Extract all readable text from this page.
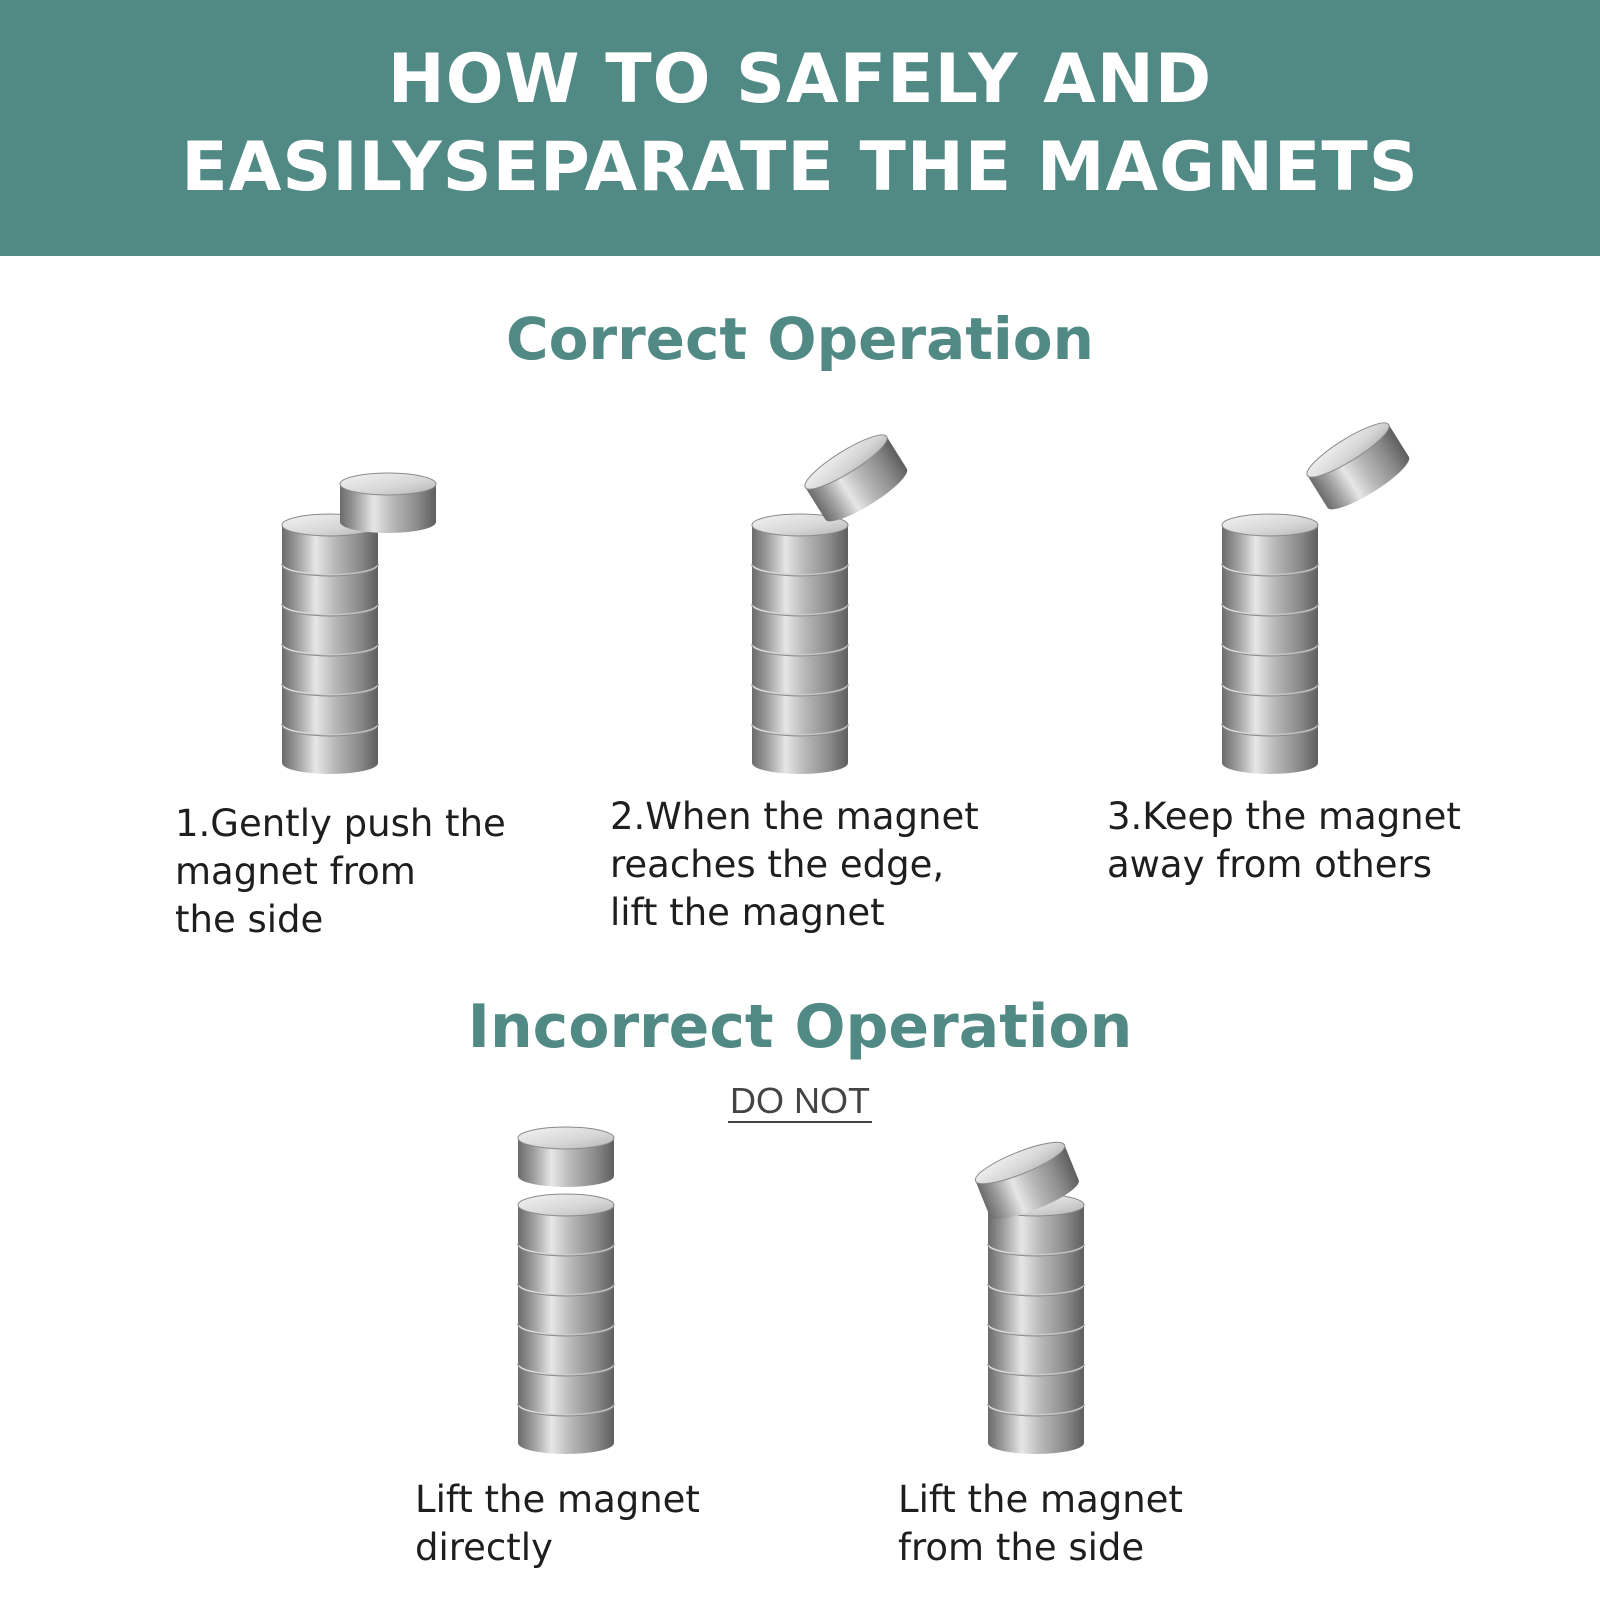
HOW TO SAFELY AND
EASILYSEPARATE THE MAGNETS
Correct Operation
1.Gently push the
magnet from
the side
2.When the magnet
reaches the edge,
lift the magnet
3.Keep the magnet
away from others
Incorrect Operation
DO NOT
Lift the magnet
directly
Lift the magnet
from the side
